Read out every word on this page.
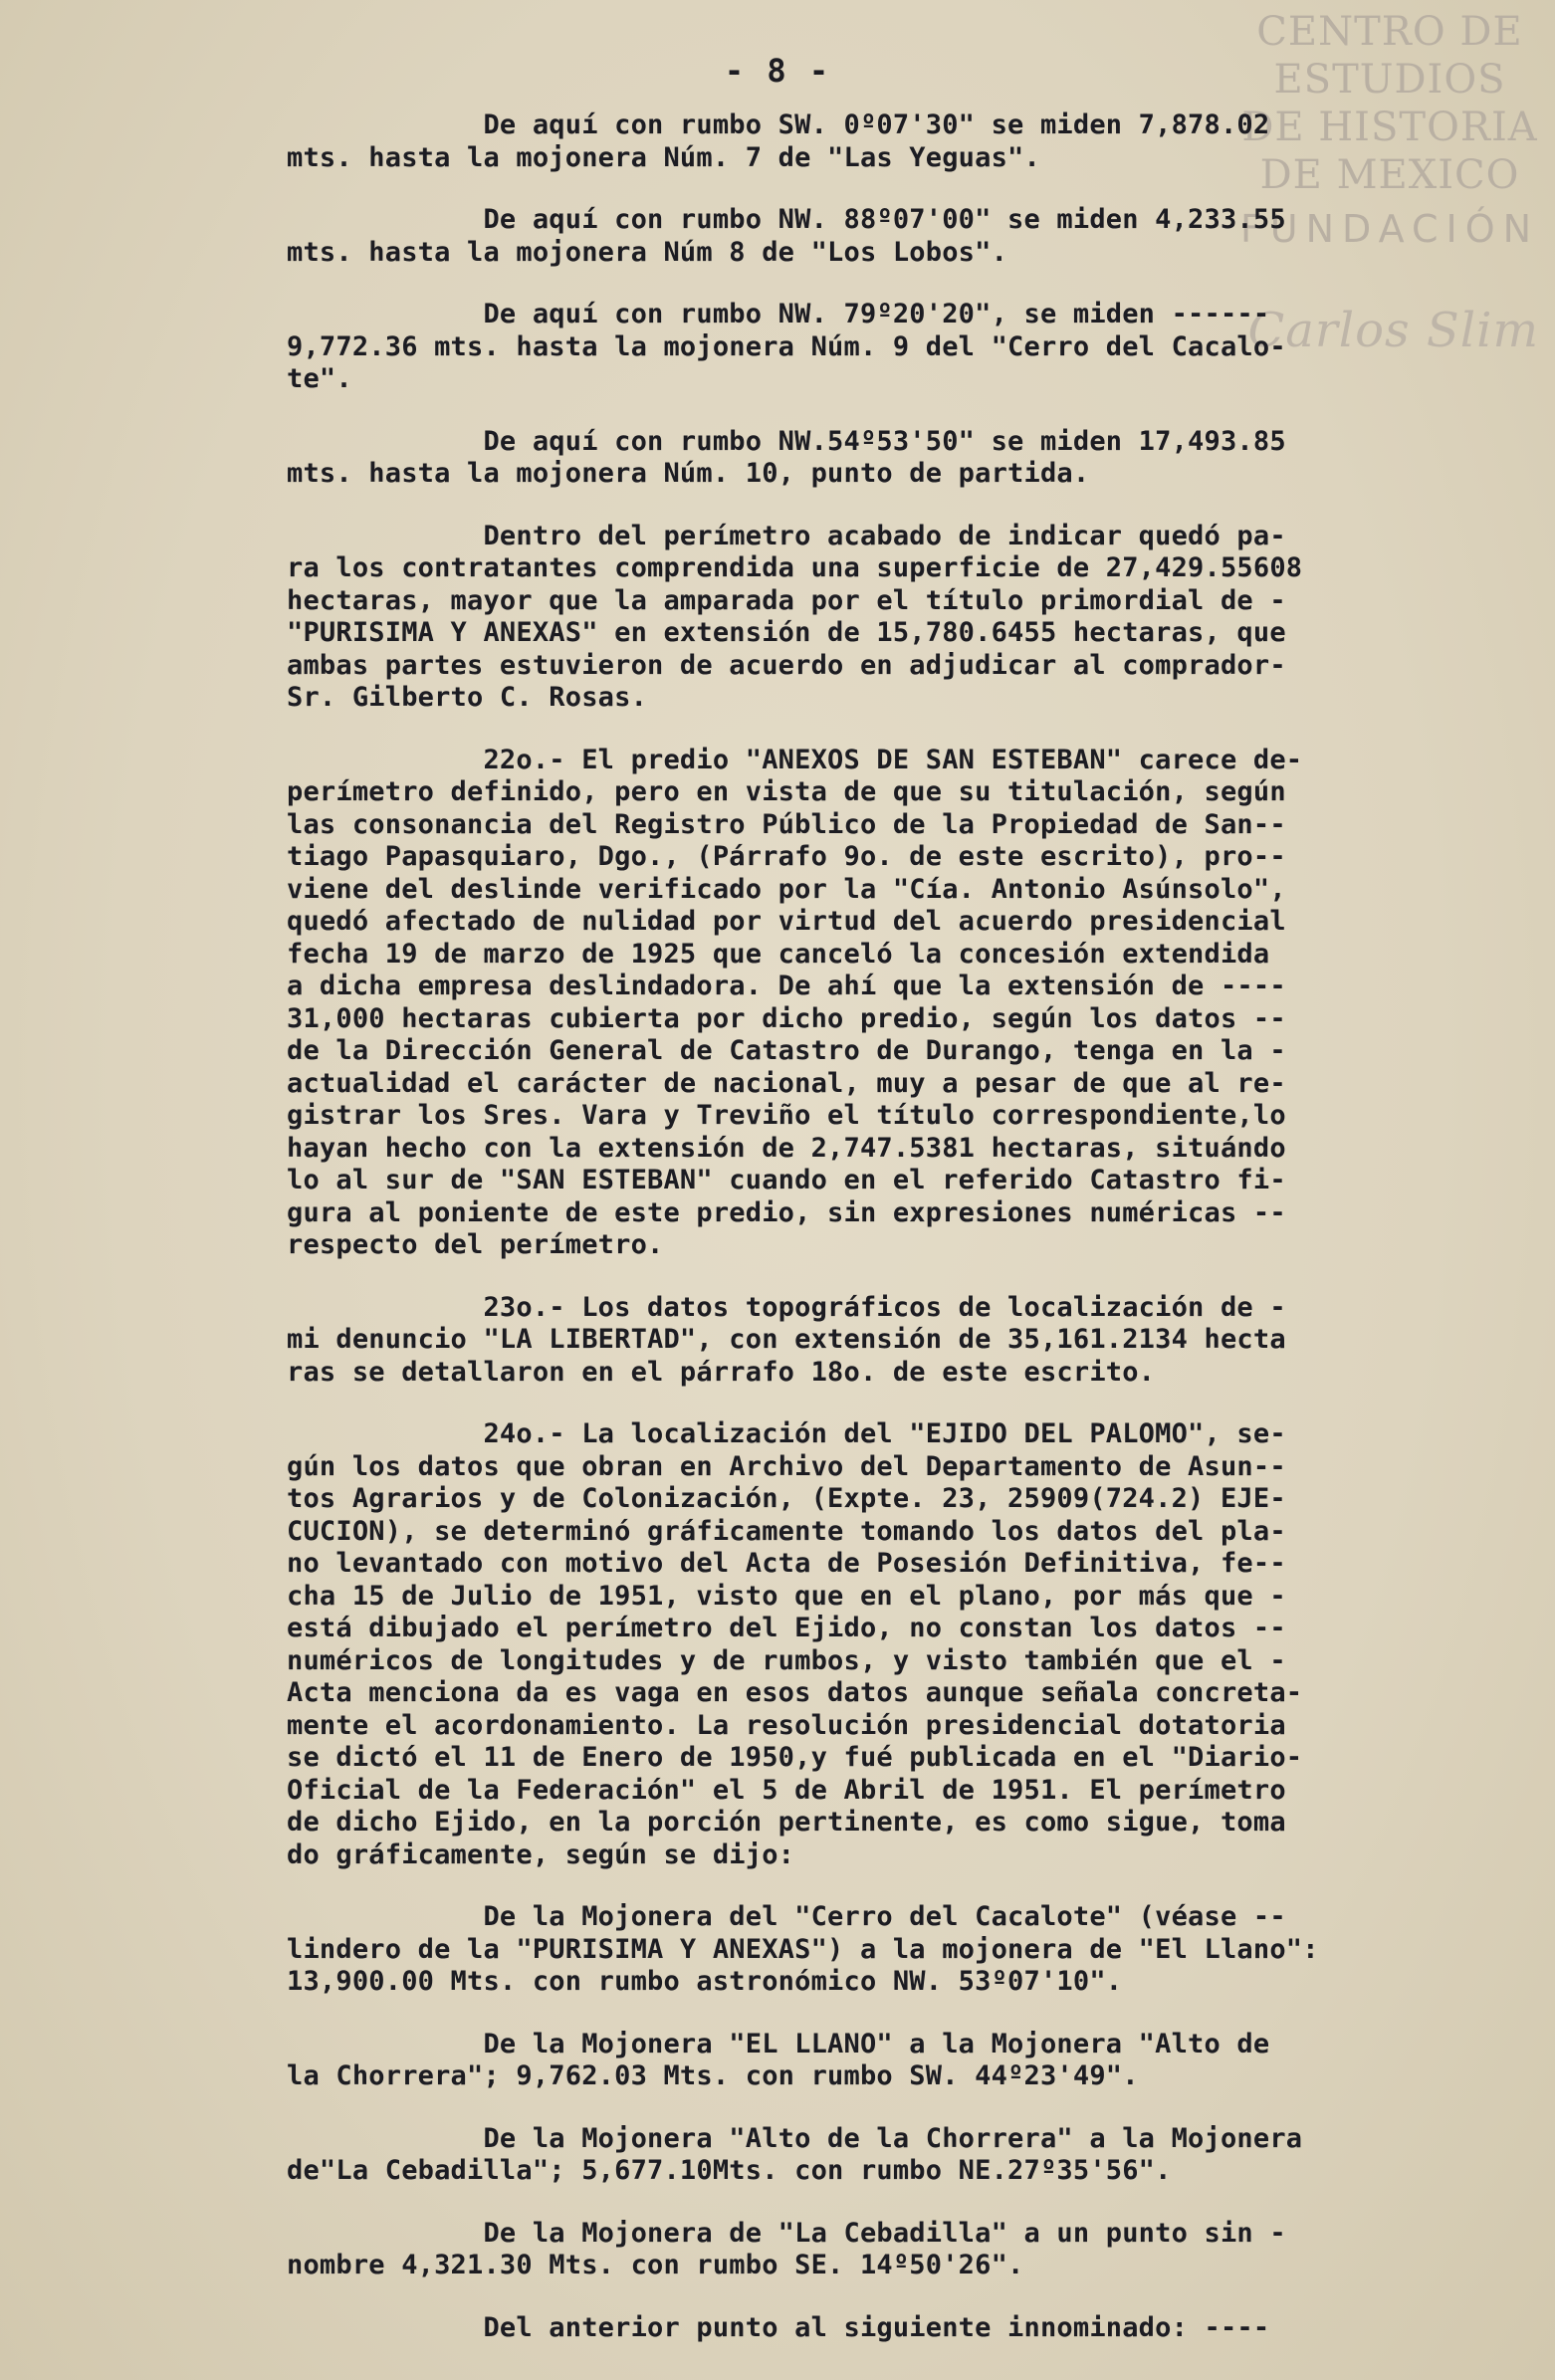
CENTRO DE
ESTUDIOS
DE HISTORIA
DE MEXICO
FUNDACIÓN
Carlos Slim
- 8 -

De aquí con rumbo SW. 0º07'30" se miden 7,878.02
mts. hasta la mojonera Núm. 7 de "Las Yeguas".

De aquí con rumbo NW. 88º07'00" se miden 4,233.55
mts. hasta la mojonera Núm 8 de "Los Lobos".

De aquí con rumbo NW. 79º20'20", se miden ------
9,772.36 mts. hasta la mojonera Núm. 9 del "Cerro del Cacalo-
te".

De aquí con rumbo NW.54º53'50" se miden 17,493.85
mts. hasta la mojonera Núm. 10, punto de partida.

Dentro del perímetro acabado de indicar quedó pa-
ra los contratantes comprendida una superficie de 27,429.55608
hectaras, mayor que la amparada por el título primordial de -
"PURISIMA Y ANEXAS" en extensión de 15,780.6455 hectaras, que
ambas partes estuvieron de acuerdo en adjudicar al comprador-
Sr. Gilberto C. Rosas.

22o.- El predio "ANEXOS DE SAN ESTEBAN" carece de-
perímetro definido, pero en vista de que su titulación, según
las consonancia del Registro Público de la Propiedad de San--
tiago Papasquiaro, Dgo., (Párrafo 9o. de este escrito), pro--
viene del deslinde verificado por la "Cía. Antonio Asúnsolo",
quedó afectado de nulidad por virtud del acuerdo presidencial
fecha 19 de marzo de 1925 que canceló la concesión extendida
a dicha empresa deslindadora. De ahí que la extensión de ----
31,000 hectaras cubierta por dicho predio, según los datos --
de la Dirección General de Catastro de Durango, tenga en la -
actualidad el carácter de nacional, muy a pesar de que al re-
gistrar los Sres. Vara y Treviño el título correspondiente,lo
hayan hecho con la extensión de 2,747.5381 hectaras, situándo
lo al sur de "SAN ESTEBAN" cuando en el referido Catastro fi-
gura al poniente de este predio, sin expresiones numéricas --
respecto del perímetro.

23o.- Los datos topográficos de localización de -
mi denuncio "LA LIBERTAD", con extensión de 35,161.2134 hecta
ras se detallaron en el párrafo 18o. de este escrito.

24o.- La localización del "EJIDO DEL PALOMO", se-
gún los datos que obran en Archivo del Departamento de Asun--
tos Agrarios y de Colonización, (Expte. 23, 25909(724.2) EJE-
CUCION), se determinó gráficamente tomando los datos del pla-
no levantado con motivo del Acta de Posesión Definitiva, fe--
cha 15 de Julio de 1951, visto que en el plano, por más que -
está dibujado el perímetro del Ejido, no constan los datos --
numéricos de longitudes y de rumbos, y visto también que el -
Acta menciona da es vaga en esos datos aunque señala concreta-
mente el acordonamiento. La resolución presidencial dotatoria
se dictó el 11 de Enero de 1950,y fué publicada en el "Diario-
Oficial de la Federación" el 5 de Abril de 1951. El perímetro
de dicho Ejido, en la porción pertinente, es como sigue, toma
do gráficamente, según se dijo:

De la Mojonera del "Cerro del Cacalote" (véase --
lindero de la "PURISIMA Y ANEXAS") a la mojonera de "El Llano":
13,900.00 Mts. con rumbo astronómico NW. 53º07'10".

De la Mojonera "EL LLANO" a la Mojonera "Alto de
la Chorrera"; 9,762.03 Mts. con rumbo SW. 44º23'49".

De la Mojonera "Alto de la Chorrera" a la Mojonera
de"La Cebadilla"; 5,677.10Mts. con rumbo NE.27º35'56".

De la Mojonera de "La Cebadilla" a un punto sin -
nombre 4,321.30 Mts. con rumbo SE. 14º50'26".

Del anterior punto al siguiente innominado: ----
